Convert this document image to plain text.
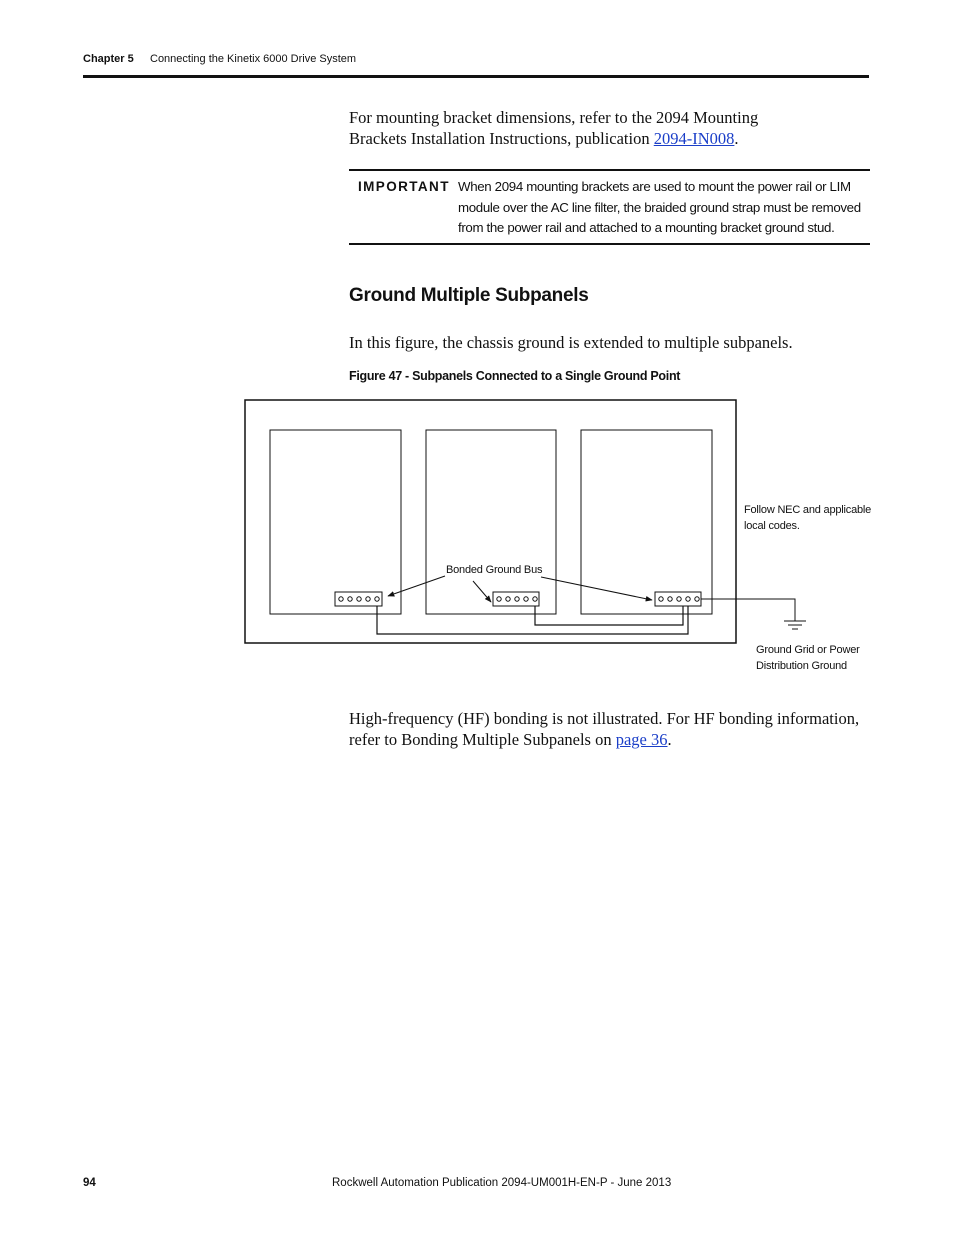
Chapter 5 Connecting the Kinetix 6000 Drive System
For mounting bracket dimensions, refer to the 2094 Mounting Brackets Installation Instructions, publication 2094-IN008.
IMPORTANT When 2094 mounting brackets are used to mount the power rail or LIM module over the AC line filter, the braided ground strap must be removed from the power rail and attached to a mounting bracket ground stud.
Ground Multiple Subpanels
In this figure, the chassis ground is extended to multiple subpanels.
Figure 47 - Subpanels Connected to a Single Ground Point
Bonded Ground Bus
Follow NEC and applicable
local codes.
Ground Grid or Power
Distribution Ground
High-frequency (HF) bonding is not illustrated. For HF bonding information, refer to Bonding Multiple Subpanels on page 36.
94	Rockwell Automation Publication 2094-UM001H-EN-P - June 2013
